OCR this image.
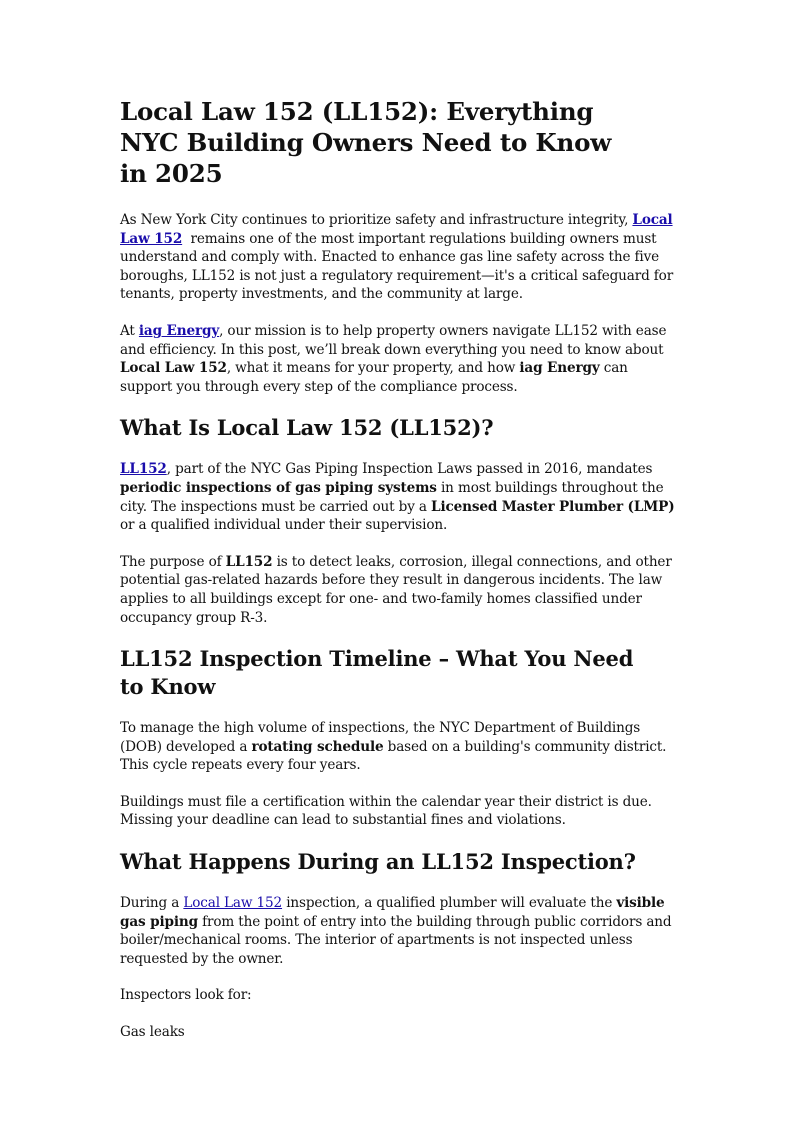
Local Law 152 (LL152): Everything NYC Building Owners Need to Know in 2025

As New York City continues to prioritize safety and infrastructure integrity, Local Law 152 remains one of the most important regulations building owners must understand and comply with. Enacted to enhance gas line safety across the five boroughs, LL152 is not just a regulatory requirement—it's a critical safeguard for tenants, property investments, and the community at large.

At iag Energy, our mission is to help property owners navigate LL152 with ease and efficiency. In this post, we’ll break down everything you need to know about Local Law 152, what it means for your property, and how iag Energy can support you through every step of the compliance process.

What Is Local Law 152 (LL152)?

LL152, part of the NYC Gas Piping Inspection Laws passed in 2016, mandates periodic inspections of gas piping systems in most buildings throughout the city. The inspections must be carried out by a Licensed Master Plumber (LMP) or a qualified individual under their supervision.

The purpose of LL152 is to detect leaks, corrosion, illegal connections, and other potential gas-related hazards before they result in dangerous incidents. The law applies to all buildings except for one- and two-family homes classified under occupancy group R-3.

LL152 Inspection Timeline – What You Need to Know

To manage the high volume of inspections, the NYC Department of Buildings (DOB) developed a rotating schedule based on a building's community district. This cycle repeats every four years.

Buildings must file a certification within the calendar year their district is due. Missing your deadline can lead to substantial fines and violations.

What Happens During an LL152 Inspection?

During a Local Law 152 inspection, a qualified plumber will evaluate the visible gas piping from the point of entry into the building through public corridors and boiler/mechanical rooms. The interior of apartments is not inspected unless requested by the owner.

Inspectors look for:

Gas leaks
